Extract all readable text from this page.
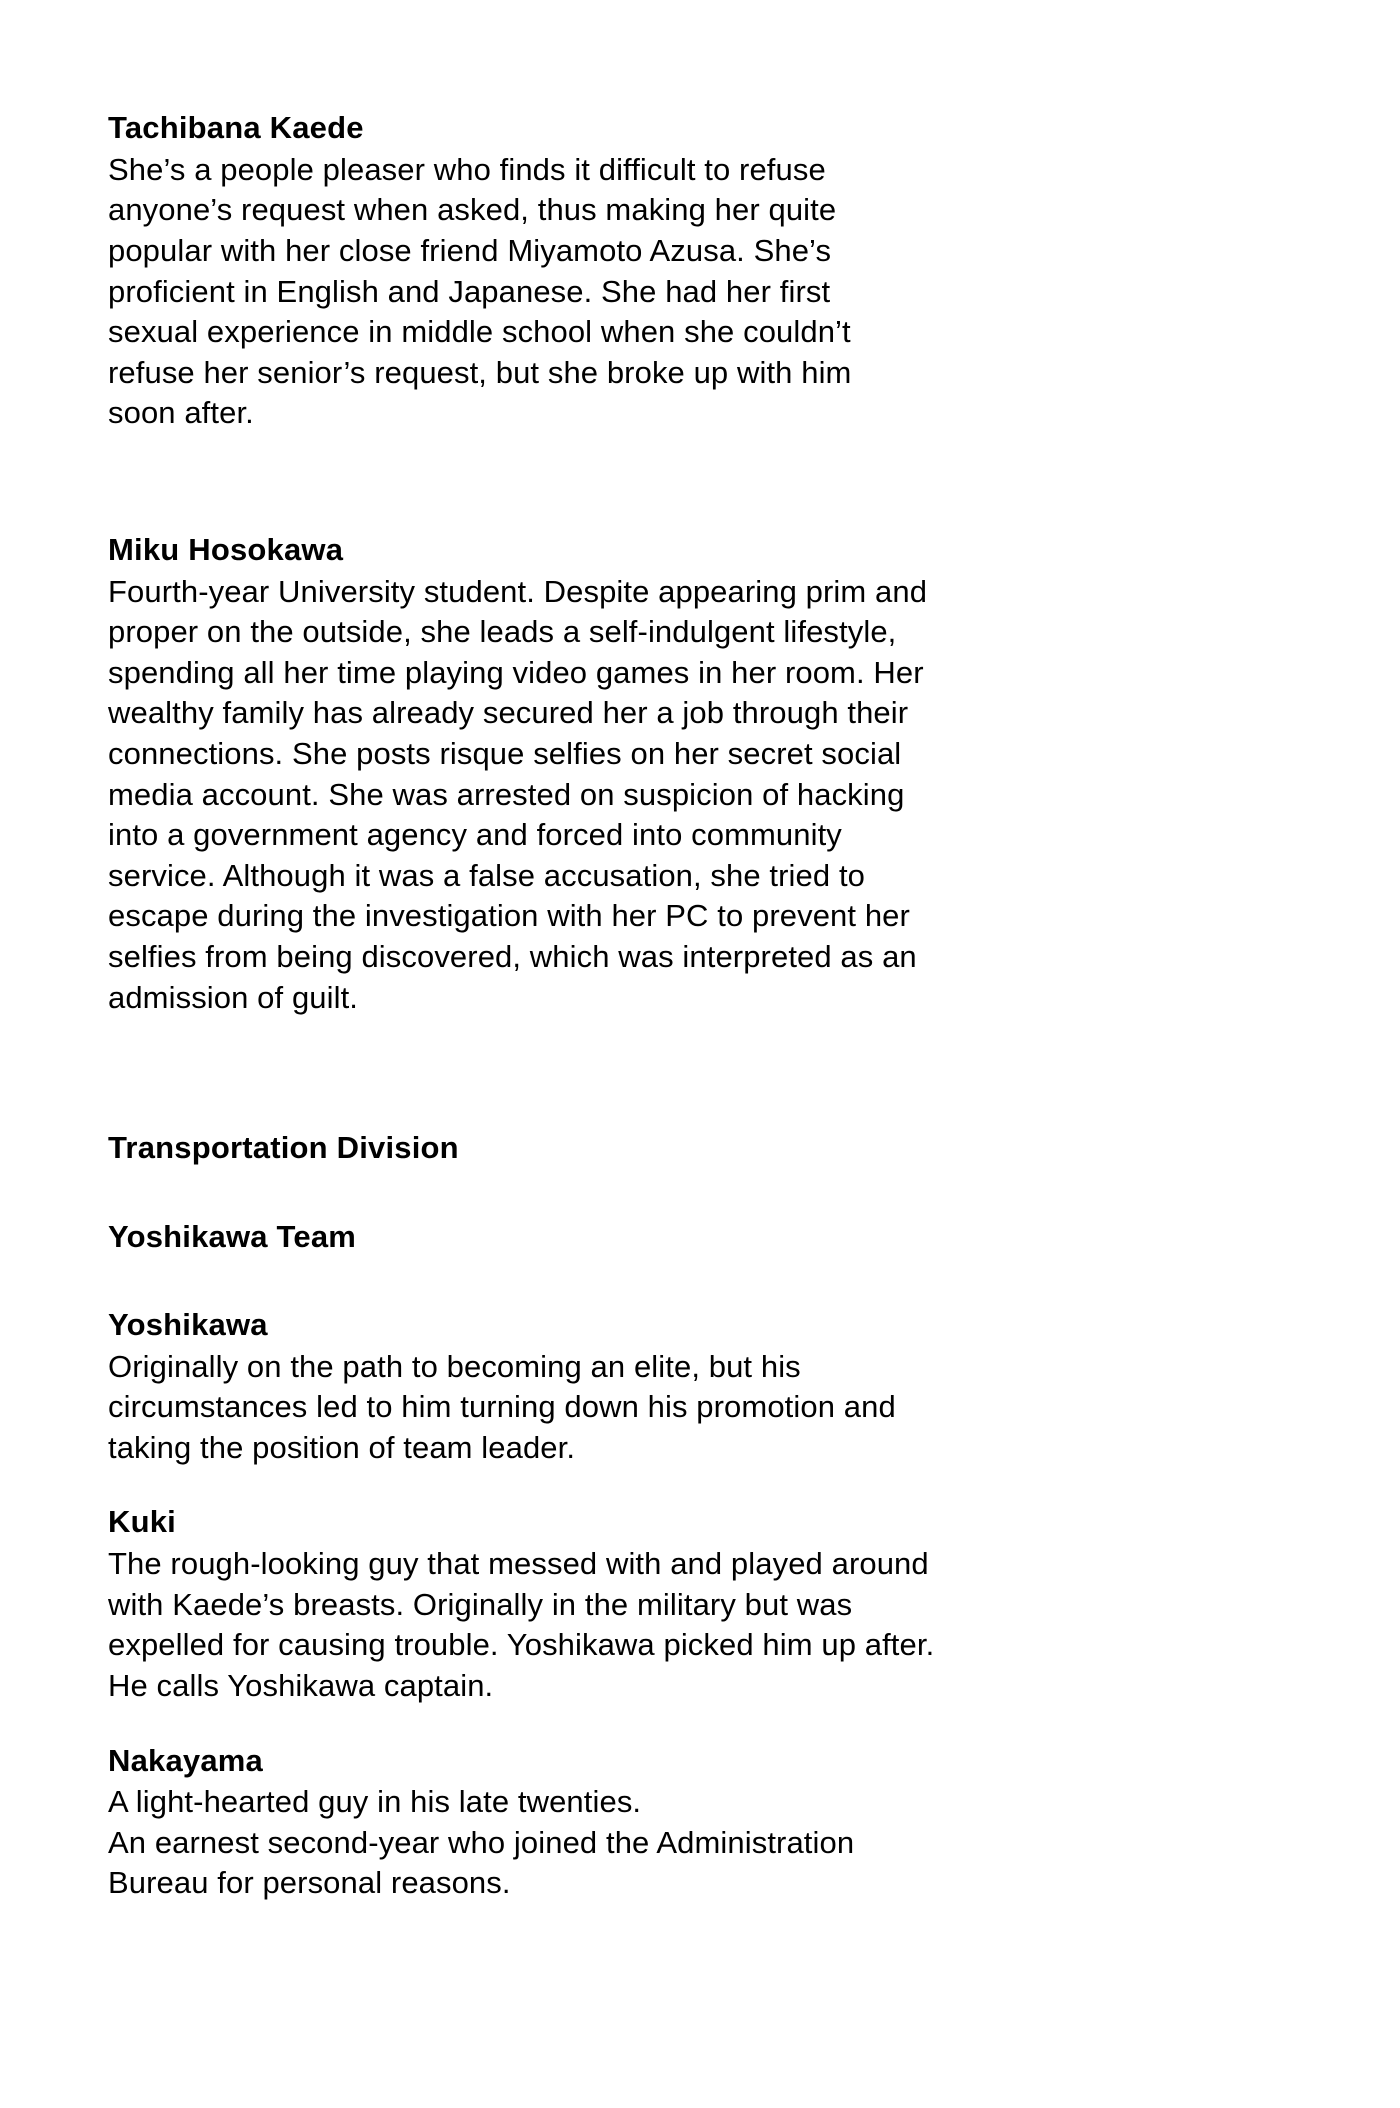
Tachibana Kaede
She’s a people pleaser who finds it difficult to refuse
anyone’s request when asked, thus making her quite
popular with her close friend Miyamoto Azusa. She’s
proficient in English and Japanese. She had her first
sexual experience in middle school when she couldn’t
refuse her senior’s request, but she broke up with him
soon after.
Miku Hosokawa
Fourth-year University student. Despite appearing prim and
proper on the outside, she leads a self-indulgent lifestyle,
spending all her time playing video games in her room. Her
wealthy family has already secured her a job through their
connections. She posts risque selfies on her secret social
media account. She was arrested on suspicion of hacking
into a government agency and forced into community
service. Although it was a false accusation, she tried to
escape during the investigation with her PC to prevent her
selfies from being discovered, which was interpreted as an
admission of guilt.
Transportation Division
Yoshikawa Team
Yoshikawa
Originally on the path to becoming an elite, but his
circumstances led to him turning down his promotion and
taking the position of team leader.
Kuki
The rough-looking guy that messed with and played around
with Kaede’s breasts. Originally in the military but was
expelled for causing trouble. Yoshikawa picked him up after.
He calls Yoshikawa captain.
Nakayama
A light-hearted guy in his late twenties.
An earnest second-year who joined the Administration
Bureau for personal reasons.
